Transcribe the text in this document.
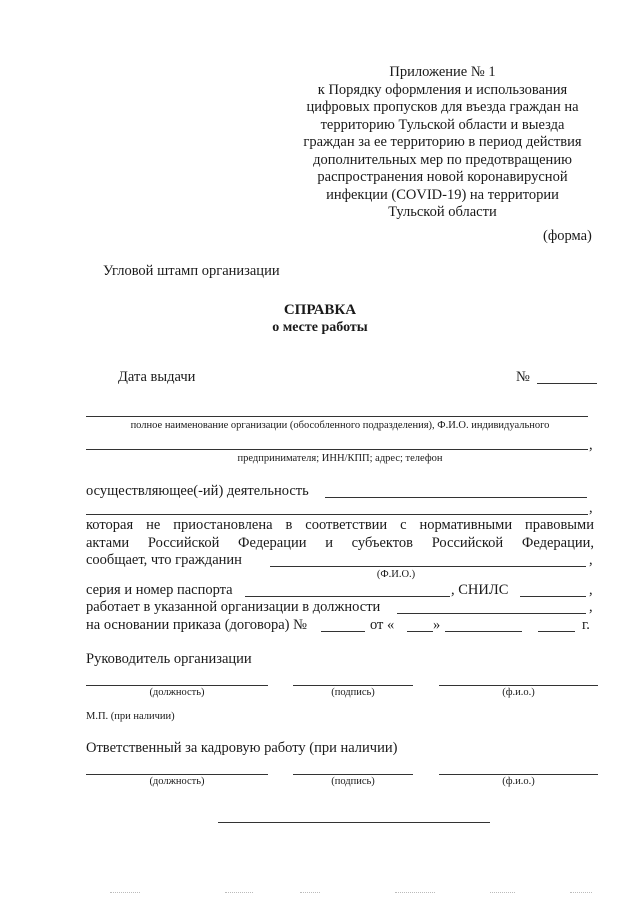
Приложение № 1
к Порядку оформления и использования
цифровых пропусков для въезда граждан на
территорию Тульской области и выезда
граждан за ее территорию в период действия
дополнительных мер по предотвращению
распространения новой коронавирусной
инфекции (COVID-19) на территории
Тульской области
(форма)
Угловой штамп организации
СПРАВКА
о месте работы
Дата выдачи	№
полное наименование организации (обособленного подразделения), Ф.И.О. индивидуального
,
предпринимателя; ИНН/КПП; адрес; телефон
осуществляющее(-ий) деятельность
,
которая не приостановлена в соответствии с нормативными правовыми
актами Российской Федерации и субъектов Российской Федерации,
сообщает, что гражданин	,
(Ф.И.О.)
серия и номер паспорта	, СНИЛС	,
работает в указанной организации в должности	,
на основании приказа (договора) №	от «	»	г.
Руководитель организации
(должность)	(подпись)	(ф.и.о.)
М.П. (при наличии)
Ответственный за кадровую работу (при наличии)
(должность)	(подпись)	(ф.и.о.)
